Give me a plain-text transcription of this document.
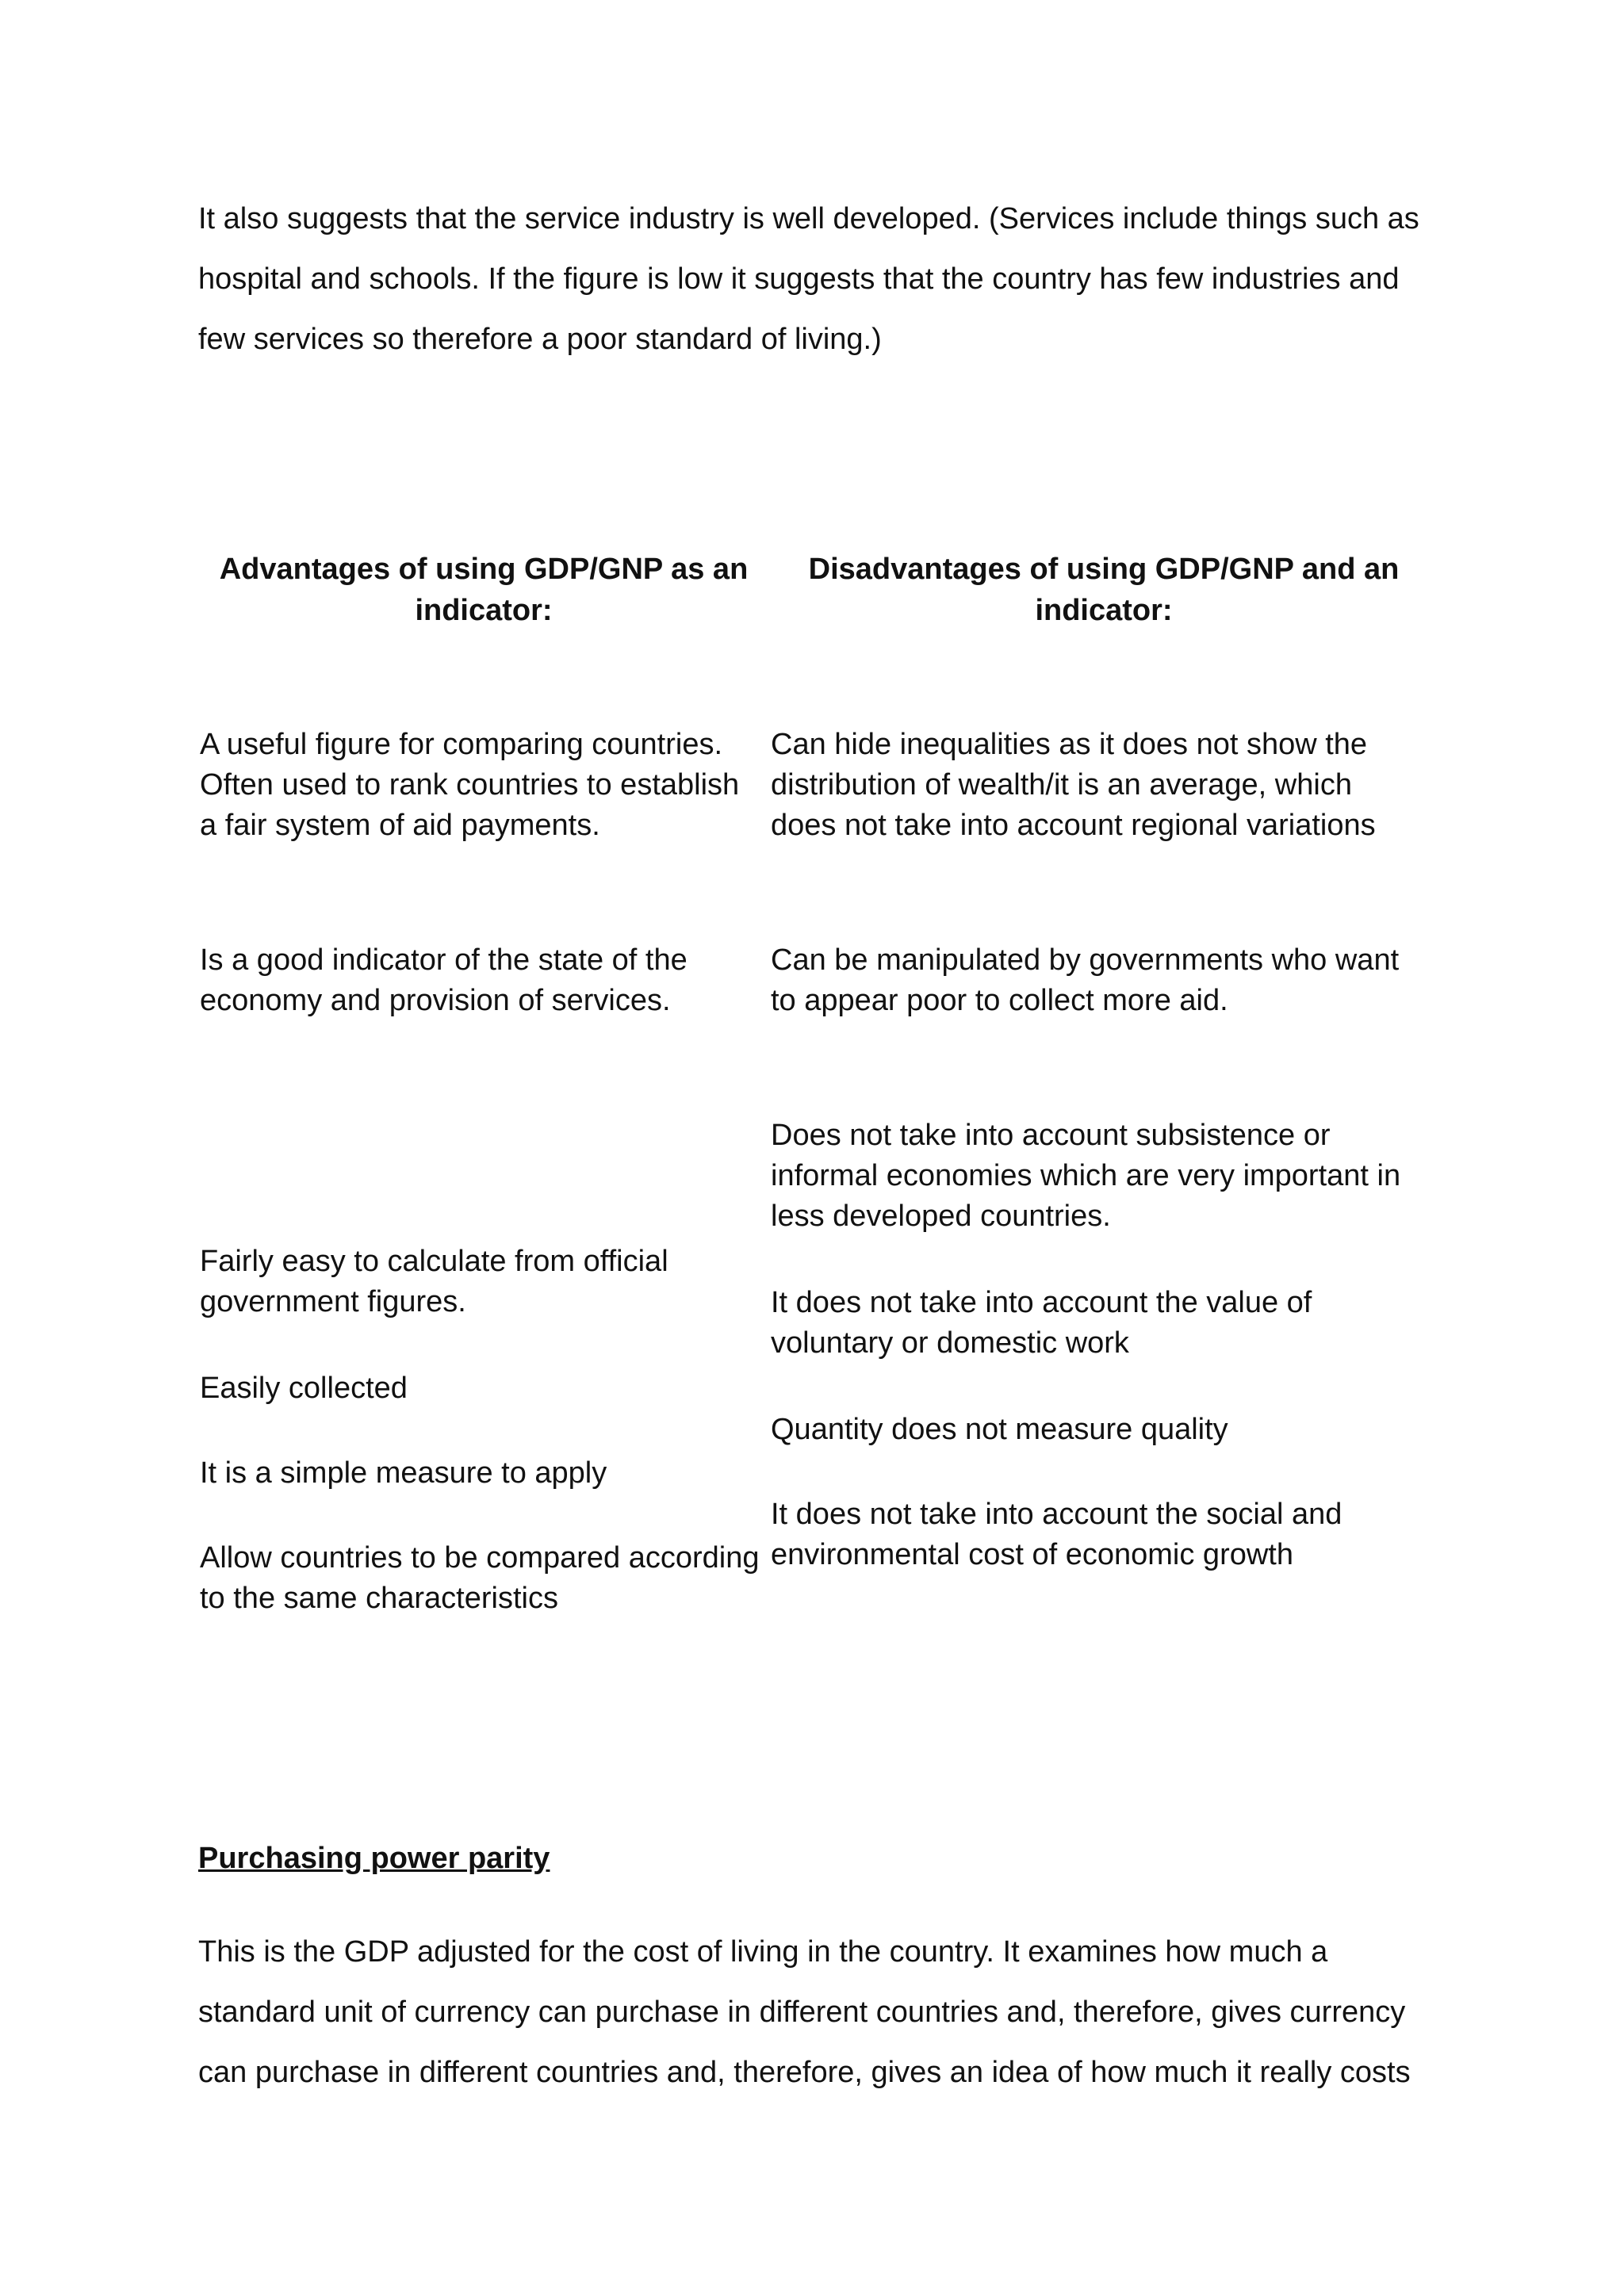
It also suggests that the service industry is well developed. (Services include things such as
hospital and schools. If the figure is low it suggests that the country has few industries and
few services so therefore a poor standard of living.)
Advantages of using GDP/GNP as an
indicator:
Disadvantages of using GDP/GNP and an
indicator:
A useful figure for comparing countries.
Often used to rank countries to establish
a fair system of aid payments.
Is a good indicator of the state of the
economy and provision of services.
Fairly easy to calculate from official
government figures.
Easily collected
It is a simple measure to apply
Allow countries to be compared according
to the same characteristics
Can hide inequalities as it does not show the
distribution of wealth/it is an average, which
does not take into account regional variations
Can be manipulated by governments who want
to appear poor to collect more aid.
Does not take into account subsistence or
informal economies which are very important in
less developed countries.
It does not take into account the value of
voluntary or domestic work
Quantity does not measure quality
It does not take into account the social and
environmental cost of economic growth
Purchasing power parity
This is the GDP adjusted for the cost of living in the country. It examines how much a
standard unit of currency can purchase in different countries and, therefore, gives currency
can purchase in different countries and, therefore, gives an idea of how much it really costs
